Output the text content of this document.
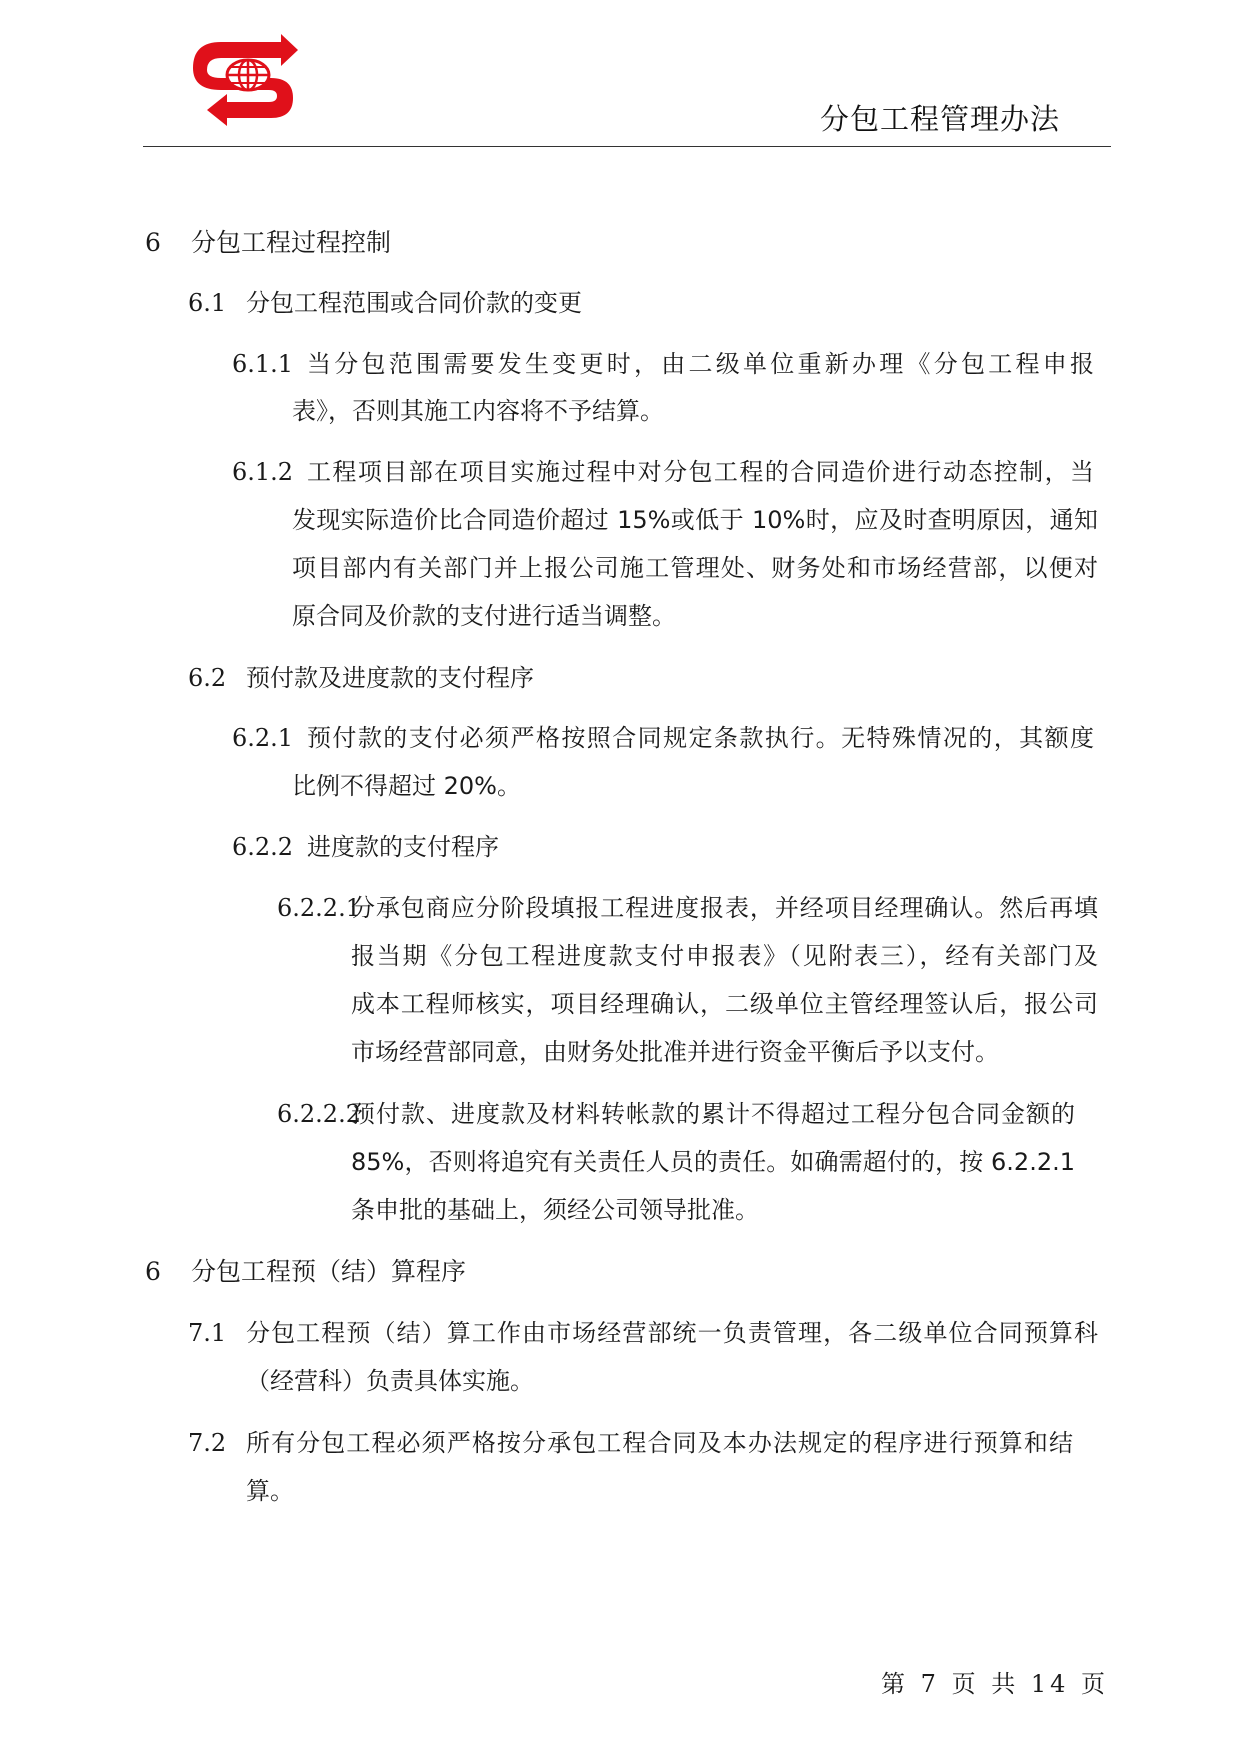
分包工程管理办法
6 分包工程过程控制
6.1 分包工程范围或合同价款的变更
6.1.1 当分包范围需要发生变更时，由二级单位重新办理《分包工程申报
表》，否则其施工内容将不予结算。
6.1.2 工程项目部在项目实施过程中对分包工程的合同造价进行动态控制，当
发现实际造价比合同造价超过 15%或低于 10%时，应及时查明原因，通知
项目部内有关部门并上报公司施工管理处、财务处和市场经营部，以便对
原合同及价款的支付进行适当调整。
6.2 预付款及进度款的支付程序
6.2.1 预付款的支付必须严格按照合同规定条款执行。无特殊情况的，其额度
比例不得超过 20%。
6.2.2 进度款的支付程序
6.2.2.1分承包商应分阶段填报工程进度报表，并经项目经理确认。然后再填
报当期《分包工程进度款支付申报表》（见附表三），经有关部门及
成本工程师核实，项目经理确认，二级单位主管经理签认后，报公司
市场经营部同意，由财务处批准并进行资金平衡后予以支付。
6.2.2.2预付款、进度款及材料转帐款的累计不得超过工程分包合同金额的
85%，否则将追究有关责任人员的责任。如确需超付的，按 6.2.2.1
条申批的基础上，须经公司领导批准。
6 分包工程预（结）算程序
7.1 分包工程预（结）算工作由市场经营部统一负责管理，各二级单位合同预算科
（经营科）负责具体实施。
7.2 所有分包工程必须严格按分承包工程合同及本办法规定的程序进行预算和结
算。
第 7 页 共 14 页
